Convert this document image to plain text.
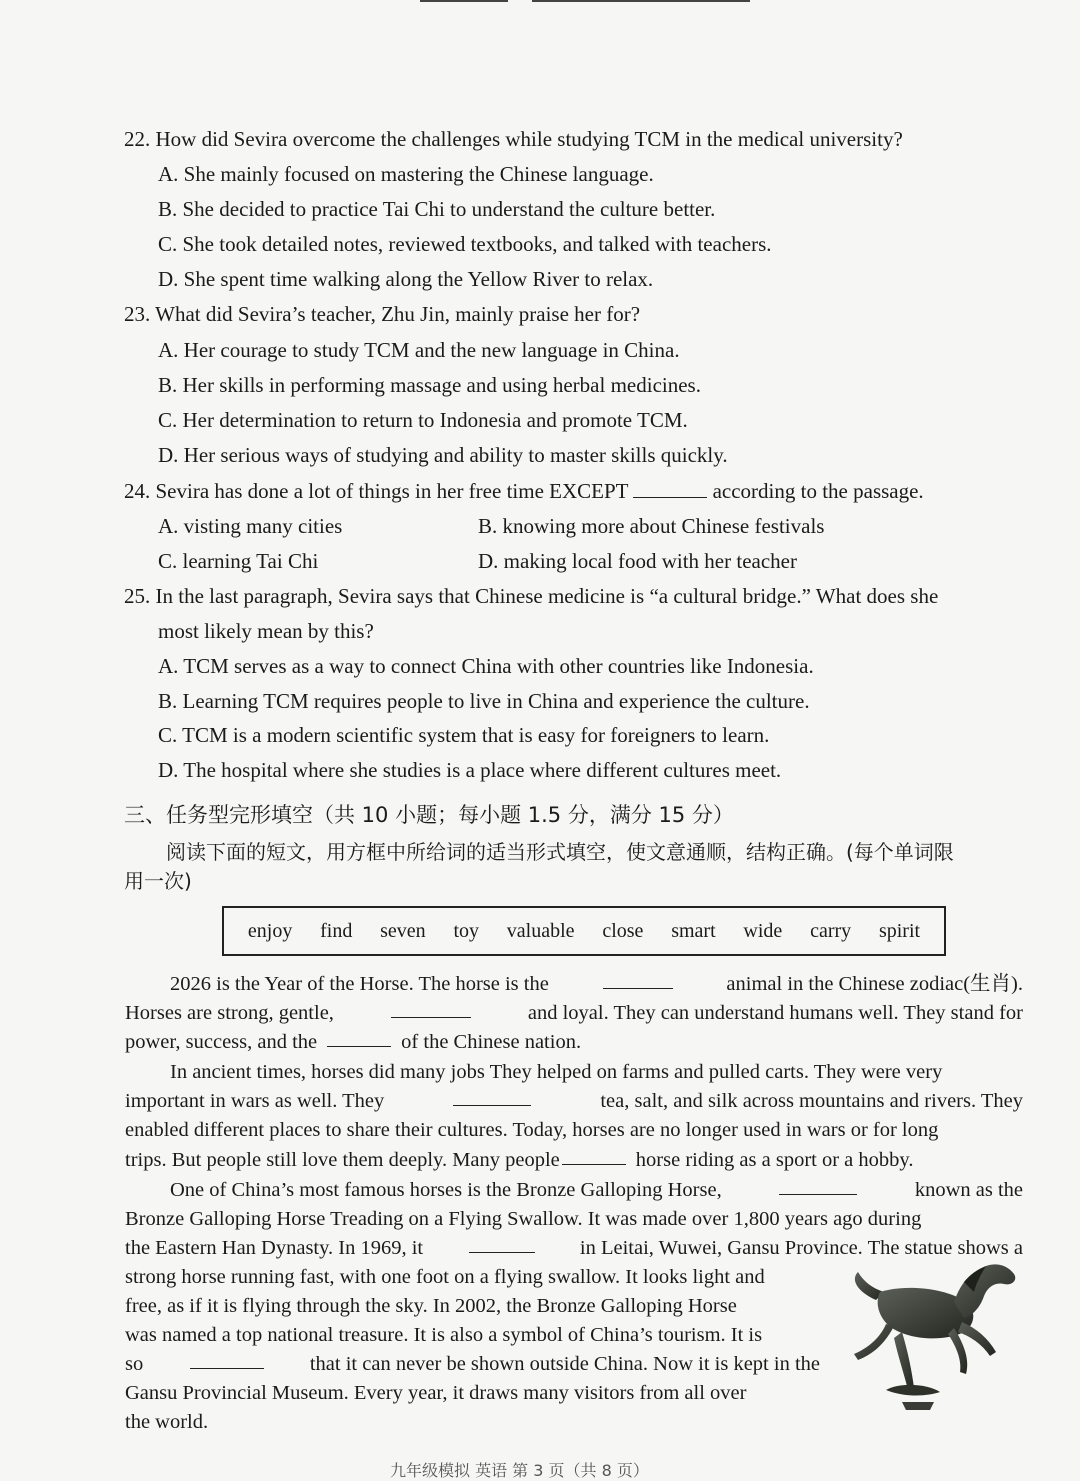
22. How did Sevira overcome the challenges while studying TCM in the medical university?
A. She mainly focused on mastering the Chinese language.
B. She decided to practice Tai Chi to understand the culture better.
C. She took detailed notes, reviewed textbooks, and talked with teachers.
D. She spent time walking along the Yellow River to relax.
23. What did Sevira’s teacher, Zhu Jin, mainly praise her for?
A. Her courage to study TCM and the new language in China.
B. Her skills in performing massage and using herbal medicines.
C. Her determination to return to Indonesia and promote TCM.
D. Her serious ways of studying and ability to master skills quickly.
24. Sevira has done a lot of things in her free time EXCEPT	according to the passage.
A. visting many cities	B. knowing more about Chinese festivals
C. learning Tai Chi	D. making local food with her teacher
25. In the last paragraph, Sevira says that Chinese medicine is “a cultural bridge.” What does she
most likely mean by this?
A. TCM serves as a way to connect China with other countries like Indonesia.
B. Learning TCM requires people to live in China and experience the culture.
C. TCM is a modern scientific system that is easy for foreigners to learn.
D. The hospital where she studies is a place where different cultures meet.
三、任务型完形填空（共 10 小题；每小题 1.5 分，满分 15 分）
阅读下面的短文，用方框中所给词的适当形式填空，使文意通顺，结构正确。(每个单词限
用一次)
enjoy find seven toy valuable close smart wide carry spirit
2026 is the Year of the Horse. The horse is the	animal in the Chinese zodiac(生肖).
Horses are strong, gentle,	and loyal. They can understand humans well. They stand for
power, success, and the	of the Chinese nation.
In ancient times, horses did many jobs They helped on farms and pulled carts. They were very
important in wars as well. They	tea, salt, and silk across mountains and rivers. They
enabled different places to share their cultures. Today, horses are no longer used in wars or for long
trips. But people still love them deeply. Many people	horse riding as a sport or a hobby.
One of China’s most famous horses is the Bronze Galloping Horse,	known as the
Bronze Galloping Horse Treading on a Flying Swallow. It was made over 1,800 years ago during
the Eastern Han Dynasty. In 1969, it	in Leitai, Wuwei, Gansu Province. The statue shows a
strong horse running fast, with one foot on a flying swallow. It looks light and
free, as if it is flying through the sky. In 2002, the Bronze Galloping Horse
was named a top national treasure. It is also a symbol of China’s tourism. It is
so	that it can never be shown outside China. Now it is kept in the
Gansu Provincial Museum. Every year, it draws many visitors from all over
the world.
九年级模拟 英语 第 3 页（共 8 页）
